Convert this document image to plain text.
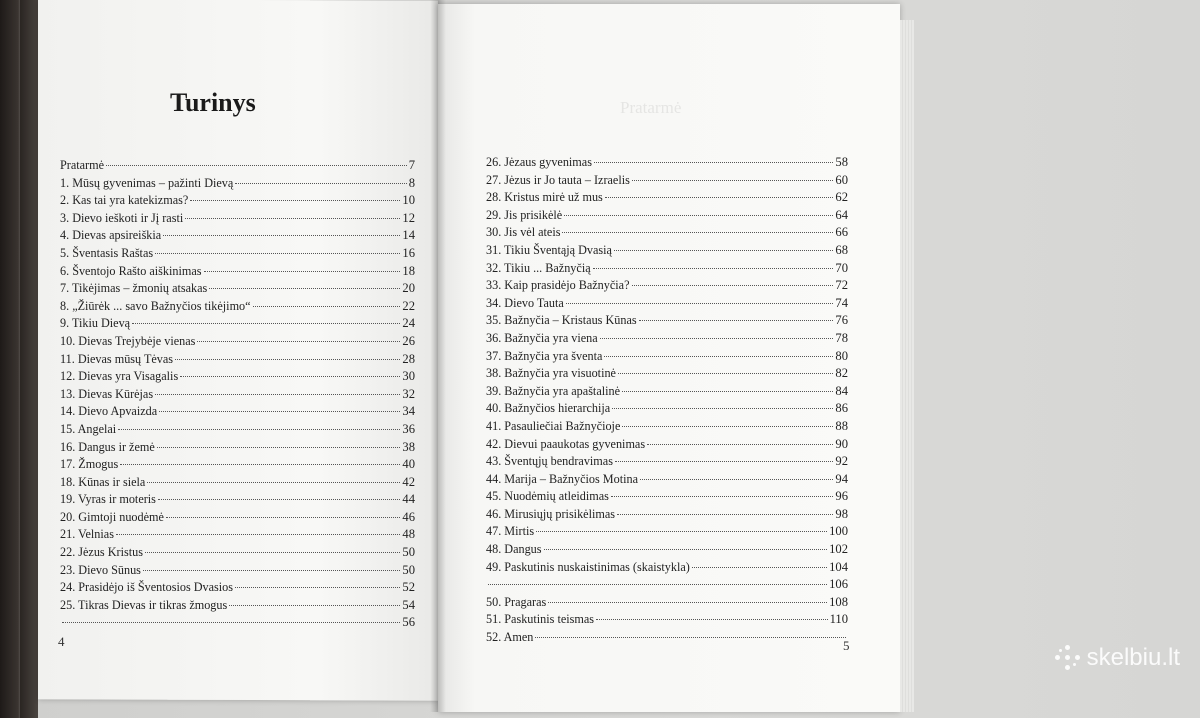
Pratarmė
Turinys
Pratarmė	7
1. Mūsų gyvenimas – pažinti Dievą	8
2. Kas tai yra katekizmas?	10
3. Dievo ieškoti ir Jį rasti	12
4. Dievas apsireiškia	14
5. Šventasis Raštas	16
6. Šventojo Rašto aiškinimas	18
7. Tikėjimas – žmonių atsakas	20
8. „Žiūrėk ... savo Bažnyčios tikėjimo“	22
9. Tikiu Dievą	24
10. Dievas Trejybėje vienas	26
11. Dievas mūsų Tėvas	28
12. Dievas yra Visagalis	30
13. Dievas Kūrėjas	32
14. Dievo Apvaizda	34
15. Angelai	36
16. Dangus ir žemė	38
17. Žmogus	40
18. Kūnas ir siela	42
19. Vyras ir moteris	44
20. Gimtoji nuodėmė	46
21. Velnias	48
22. Jėzus Kristus	50
23. Dievo Sūnus	50
24. Prasidėjo iš Šventosios Dvasios	52
25. Tikras Dievas ir tikras žmogus	54
56
26. Jėzaus gyvenimas	58
27. Jėzus ir Jo tauta – Izraelis	60
28. Kristus mirė už mus	62
29. Jis prisikėlė	64
30. Jis vėl ateis	66
31. Tikiu Šventąją Dvasią	68
32. Tikiu ... Bažnyčią	70
33. Kaip prasidėjo Bažnyčia?	72
34. Dievo Tauta	74
35. Bažnyčia – Kristaus Kūnas	76
36. Bažnyčia yra viena	78
37. Bažnyčia yra šventa	80
38. Bažnyčia yra visuotinė	82
39. Bažnyčia yra apaštalinė	84
40. Bažnyčios hierarchija	86
41. Pasauliečiai Bažnyčioje	88
42. Dievui paaukotas gyvenimas	90
43. Šventųjų bendravimas	92
44. Marija – Bažnyčios Motina	94
45. Nuodėmių atleidimas	96
46. Mirusiųjų prisikėlimas	98
47. Mirtis	100
48. Dangus	102
49. Paskutinis nuskaistinimas (skaistykla)	104
106
50. Pragaras	108
51. Paskutinis teismas	110
52. Amen
4	5	skelbiu.lt
